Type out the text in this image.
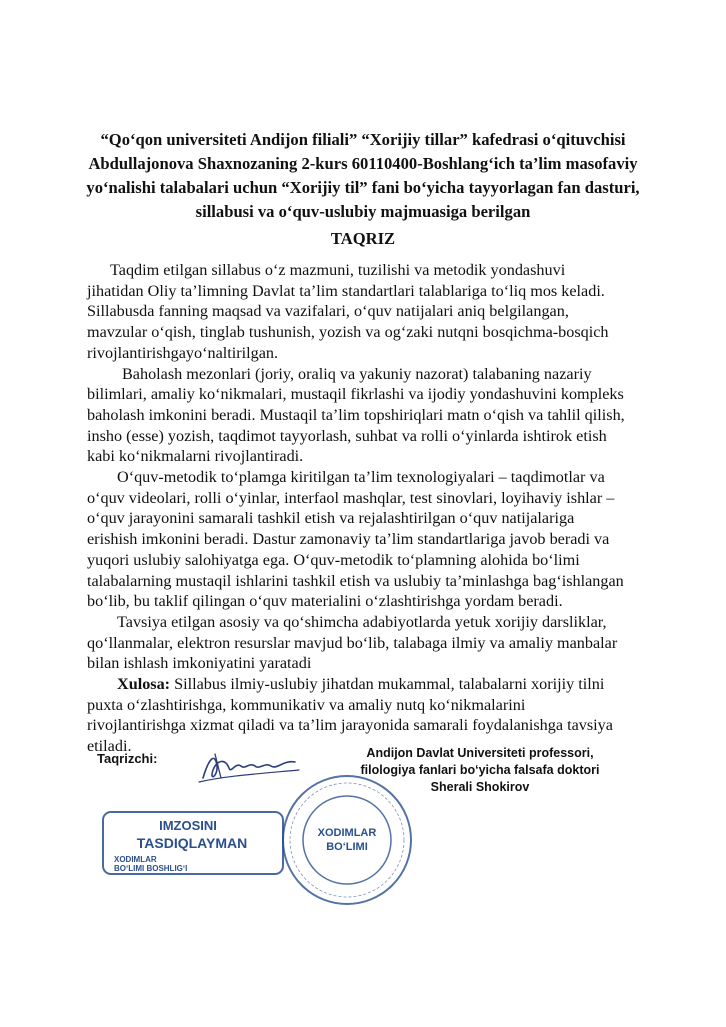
“Qo‘qon universiteti Andijon filiali” “Xorijiy tillar” kafedrasi o‘qituvchisi
Abdullajonova Shaxnozaning 2-kurs 60110400-Boshlang‘ich ta’lim masofaviy
yo‘nalishi talabalari uchun “Xorijiy til” fani bo‘yicha tayyorlagan fan dasturi,
sillabusi va o‘quv-uslubiy majmuasiga berilgan
TAQRIZ
Taqdim etilgan sillabus o‘z mazmuni, tuzilishi va metodik yondashuvi
jihatidan Oliy ta’limning Davlat ta’lim standartlari talablariga to‘liq mos keladi.
Sillabusda fanning maqsad va vazifalari, o‘quv natijalari aniq belgilangan,
mavzular o‘qish, tinglab tushunish, yozish va og‘zaki nutqni bosqichma-bosqich
rivojlantirishgayo‘naltirilgan.
Baholash mezonlari (joriy, oraliq va yakuniy nazorat) talabaning nazariy
bilimlari, amaliy ko‘nikmalari, mustaqil fikrlashi va ijodiy yondashuvini kompleks
baholash imkonini beradi. Mustaqil ta’lim topshiriqlari matn o‘qish va tahlil qilish,
insho (esse) yozish, taqdimot tayyorlash, suhbat va rolli o‘yinlarda ishtirok etish
kabi ko‘nikmalarni rivojlantiradi.
O‘quv-metodik to‘plamga kiritilgan ta’lim texnologiyalari – taqdimotlar va
o‘quv videolari, rolli o‘yinlar, interfaol mashqlar, test sinovlari, loyihaviy ishlar –
o‘quv jarayonini samarali tashkil etish va rejalashtirilgan o‘quv natijalariga
erishish imkonini beradi. Dastur zamonaviy ta’lim standartlariga javob beradi va
yuqori uslubiy salohiyatga ega. O‘quv-metodik to‘plamning alohida bo‘limi
talabalarning mustaqil ishlarini tashkil etish va uslubiy ta’minlashga bag‘ishlangan
bo‘lib, bu taklif qilingan o‘quv materialini o‘zlashtirishga yordam beradi.
Tavsiya etilgan asosiy va qo‘shimcha adabiyotlarda yetuk xorijiy darsliklar,
qo‘llanmalar, elektron resurslar mavjud bo‘lib, talabaga ilmiy va amaliy manbalar
bilan ishlash imkoniyatini yaratadi
Xulosa: Sillabus ilmiy-uslubiy jihatdan mukammal, talabalarni xorijiy tilni
puxta o‘zlashtirishga, kommunikativ va amaliy nutq ko‘nikmalarini
rivojlantirishga xizmat qiladi va ta’lim jarayonida samarali foydalanishga tavsiya
etiladi.
Taqrizchi:	Andijon Davlat Universiteti professori,
filologiya fanlari bo‘yicha falsafa doktori
Sherali Shokirov
IMZOSINI
TASDIQLAYMAN
XODIMLAR
BO‘LIMI BOSHLIG‘I
XODIMLAR
BO‘LIMI
